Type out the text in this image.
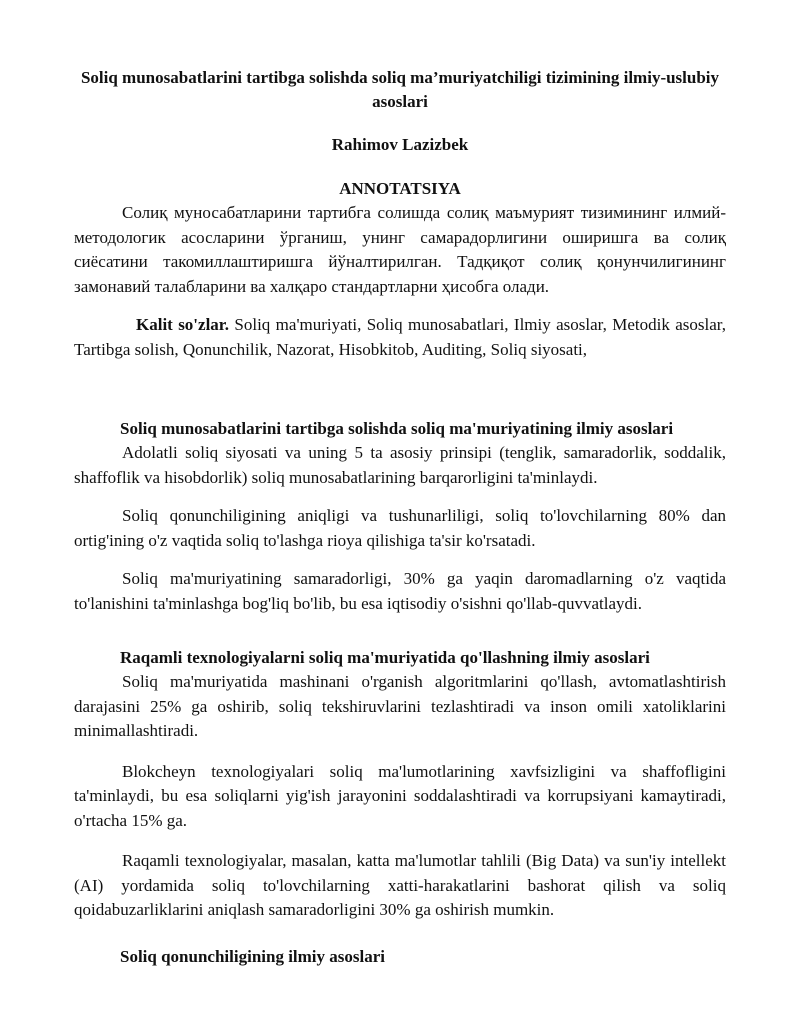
Soliq munosabatlarini tartibga solishda soliq ma’muriyatchiligi tizimining ilmiy-uslubiy asoslari
Rahimov Lazizbek
ANNOTATSIYA

Солиқ муносабатларини тартибга солишда солиқ маъмурият тизимининг илмий-методологик асосларини ўрганиш, унинг самарадорлигини оширишга ва солиқ сиёсатини такомиллаштиришга йўналтирилган. Тадқиқот солиқ қонунчилигининг замонавий талабларини ва халқаро стандартларни ҳисобга олади.

Kalit so'zlar. Soliq ma'muriyati, Soliq munosabatlari, Ilmiy asoslar, Metodik asoslar, Tartibga solish, Qonunchilik, Nazorat, Hisobkitob, Auditing, Soliq siyosati,

Soliq munosabatlarini tartibga solishda soliq ma'muriyatining ilmiy asoslari

Adolatli soliq siyosati va uning 5 ta asosiy prinsipi (tenglik, samaradorlik, soddalik, shaffoflik va hisobdorlik) soliq munosabatlarining barqarorligini ta'minlaydi.

Soliq qonunchiligining aniqligi va tushunarliligi, soliq to'lovchilarning 80% dan ortig'ining o'z vaqtida soliq to'lashga rioya qilishiga ta'sir ko'rsatadi.

Soliq ma'muriyatining samaradorligi, 30% ga yaqin daromadlarning o'z vaqtida to'lanishini ta'minlashga bog'liq bo'lib, bu esa iqtisodiy o'sishni qo'llab-quvvatlaydi.

Raqamli texnologiyalarni soliq ma'muriyatida qo'llashning ilmiy asoslari

Soliq ma'muriyatida mashinani o'rganish algoritmlarini qo'llash, avtomatlashtirish darajasini 25% ga oshirib, soliq tekshiruvlarini tezlashtiradi va inson omili xatoliklarini minimallashtiradi.

Blokcheyn texnologiyalari soliq ma'lumotlarining xavfsizligini va shaffofligini ta'minlaydi, bu esa soliqlarni yig'ish jarayonini soddalashtiradi va korrupsiyani kamaytiradi, o'rtacha 15% ga.

Raqamli texnologiyalar, masalan, katta ma'lumotlar tahlili (Big Data) va sun'iy intellekt (AI) yordamida soliq to'lovchilarning xatti-harakatlarini bashorat qilish va soliq qoidabuzarliklarini aniqlash samaradorligini 30% ga oshirish mumkin.

Soliq qonunchiligining ilmiy asoslari
